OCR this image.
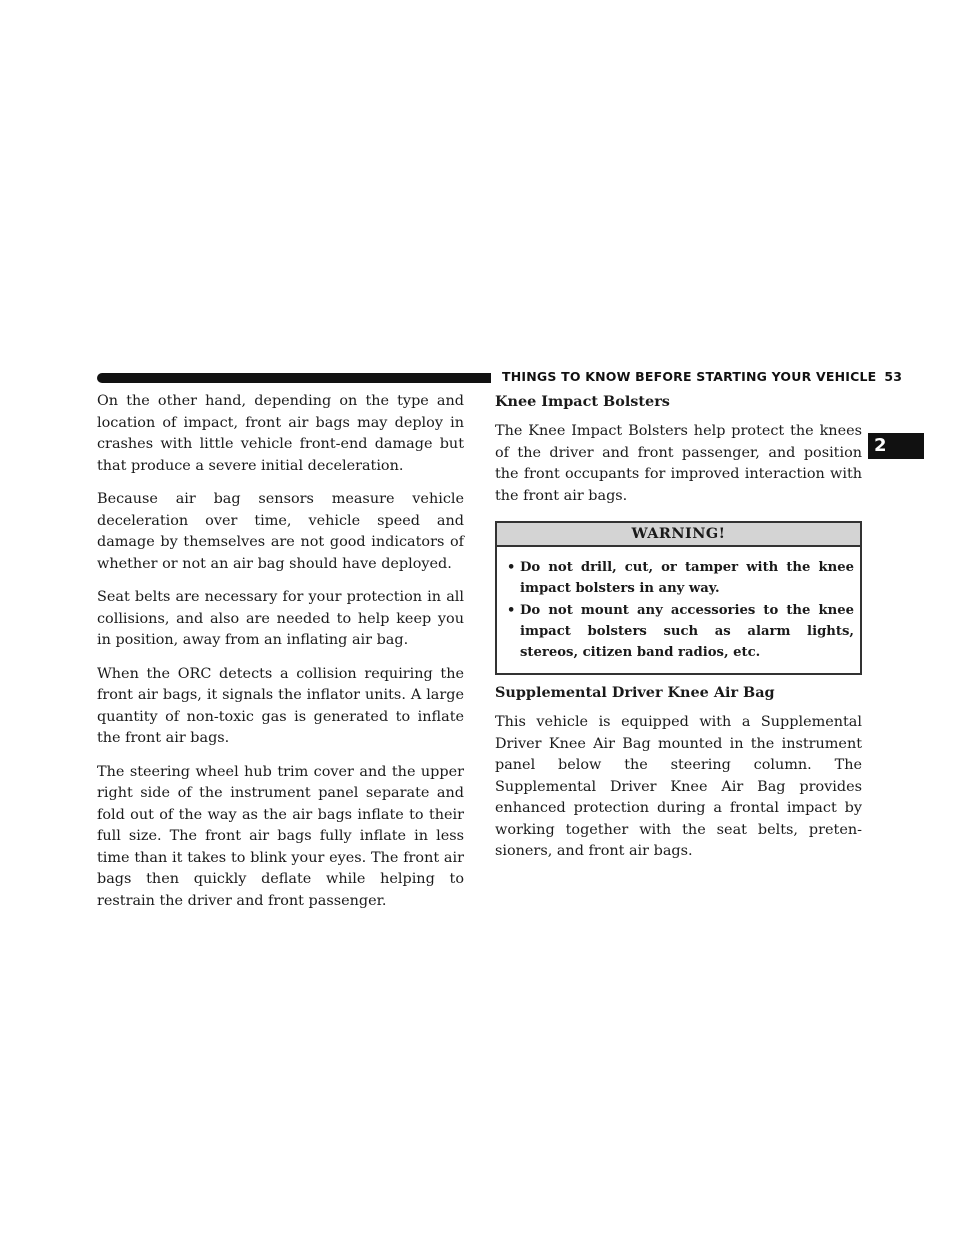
THINGS TO KNOW BEFORE STARTING YOUR VEHICLE 53
2

On the other hand, depending on the type and location of impact, front air bags may deploy in crashes with little vehicle front-end damage but that produce a severe initial deceleration.

Because air bag sensors measure vehicle deceleration over time, vehicle speed and damage by themselves are not good indicators of whether or not an air bag should have deployed.

Seat belts are necessary for your protection in all collisions, and also are needed to help keep you in position, away from an inflating air bag.

When the ORC detects a collision requiring the front air bags, it signals the inflator units. A large quantity of non-toxic gas is generated to inflate the front air bags.

The steering wheel hub trim cover and the upper right side of the instrument panel separate and fold out of the way as the air bags inflate to their full size. The front air bags fully inflate in less time than it takes to blink your eyes. The front air bags then quickly deflate while helping to restrain the driver and front passenger.

Knee Impact Bolsters

The Knee Impact Bolsters help protect the knees of the driver and front passenger, and position the front occupants for improved interaction with the front air bags.

WARNING!
• Do not drill, cut, or tamper with the knee impact bolsters in any way.
• Do not mount any accessories to the knee impact bolsters such as alarm lights, stereos, citizen band radios, etc.
Supplemental Driver Knee Air Bag

This vehicle is equipped with a Supplemental Driver Knee Air Bag mounted in the instrument panel below the steering column. The Supplemental Driver Knee Air Bag provides enhanced protection during a frontal impact by working together with the seat belts, pretensioners, and front air bags.
